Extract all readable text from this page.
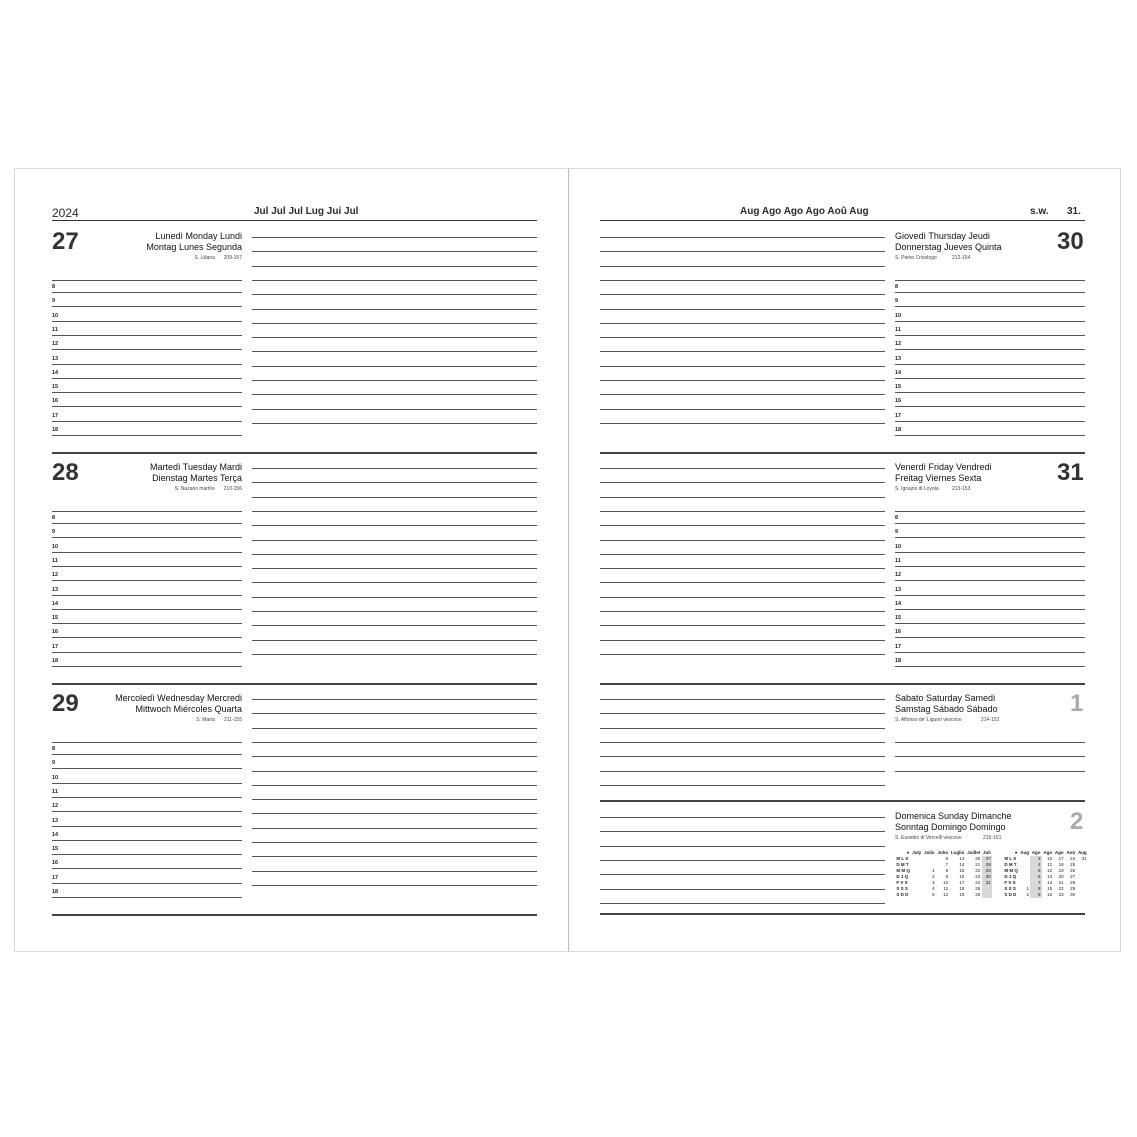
2024	Jul Jul Jul Lug Jui Jul	Aug Ago Ago Ago Aoû Aug	s.w. 31.
27	Lunedì Monday Lundi
Montag Lunes Segunda
S. Liliana 209-157
8
9
10
11
12
13
14
15
16
17
18
28	Martedì Tuesday Mardi
Dienstag Martes Terça
S. Nazario martire 210-156
8
9
10
11
12
13
14
15
16
17
18
29	Mercoledì Wednesday Mercredi
Mittwoch Miércoles Quarta
S. Marta 211-155
8
9
10
11
12
13
14
15
16
17
18
30
Giovedì Thursday Jeudi
Donnerstag Jueves Quinta
S. Pietro Crisologo	212-154
8
9
10
11
12
13
14
15
16
17
18
31
Venerdì Friday Vendredi
Freitag Viernes Sexta
S. Ignazio di Loyola	213-153
8
9
10
11
12
13
14
15
16
17
18
1
Sabato Saturday Samedi
Samstag Sábado Sábado
S. Alfonso de' Liguori vescovo	214-152
2
Domenica Sunday Dimanche
Sonntag Domingo Domingo
S. Eusebio di Vercelli vescovo	215-151
●	July	Julio	Juho	Luglio	Juillet	Juli
M L S			6	13	20	27
D M T			7	14	21	28
M M Q		1	8	15	22	29
D J Q		2	9	16	23	30
F V S		3	10	17	24	31
S S S		4	11	18	25	
S D D		5	12	19	26	
●	Aug	Ago	Ago	Ago	Aoû	Aug
M L S		3	10	17	24	31
D M T		4	11	18	25	
M M Q		5	12	19	26	
D J Q		6	13	20	27	
F V S		7	14	21	28	
S S S	1	8	15	22	29	
S D D	2	9	16	23	30	
